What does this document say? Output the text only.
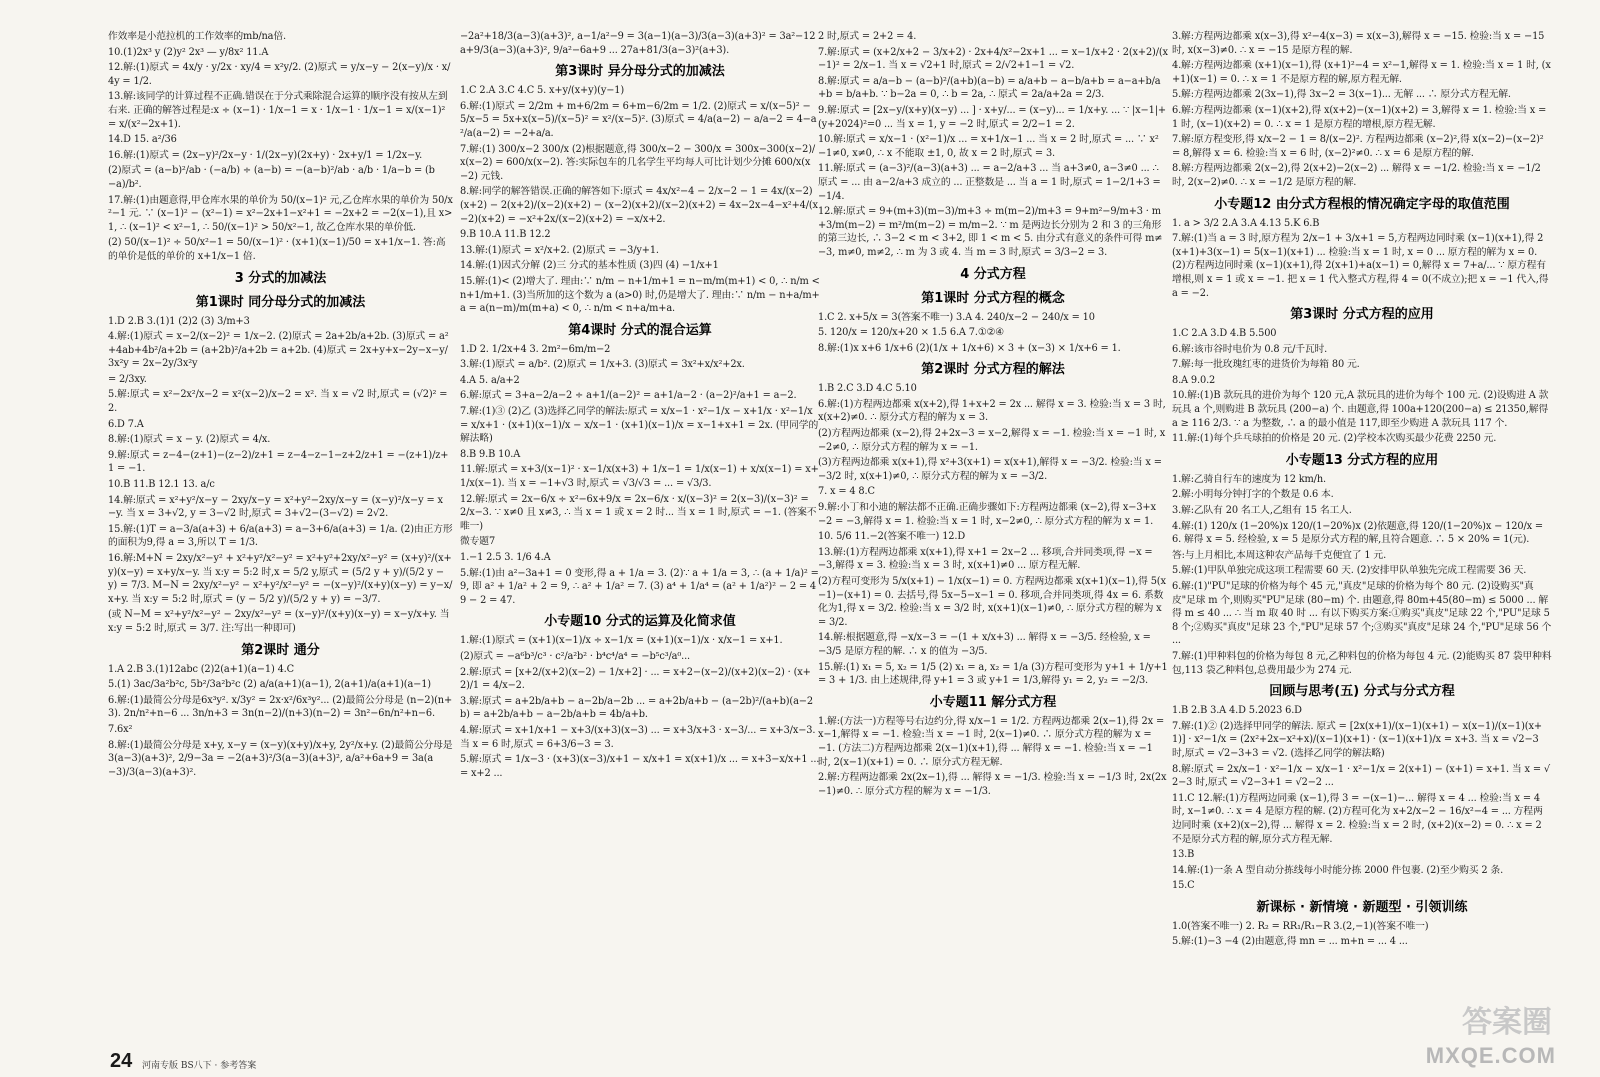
作效率是小范拉机的工作效率的mb/na倍.
10.(1)2x³ y (2)y² 2x³ — y/8x² 11.A
12.解:(1)原式 = 4x/y · y/2x · xy/4 = x²y/2. (2)原式 = y/x−y − 2(x−y)/x · x/4y = 1/2.
13.解:该同学的计算过程不正确.错误在于分式乘除混合运算的顺序没有按从左到右来. 正确的解答过程是:x ÷ (x−1) · 1/x−1 = x · 1/x−1 · 1/x−1 = x/(x−1)² = x/(x²−2x+1).
14.D 15. a²/36
16.解:(1)原式 = (2x−y)²/2x−y · 1/(2x−y)(2x+y) · 2x+y/1 = 1/2x−y.
(2)原式 = (a−b)²/ab · (−a/b) ÷ (a−b) = −(a−b)²/ab · a/b · 1/a−b = (b−a)/b².
17.解:(1)由题意得,甲仓库水果的单价为 50/(x−1)² 元,乙仓库水果的单价为 50/x²−1 元. ∵ (x−1)² − (x²−1) = x²−2x+1−x²+1 = −2x+2 = −2(x−1),且 x>1, ∴ (x−1)² < x²−1, ∴ 50/(x−1)² > 50/x²−1, 故乙仓库水果的单价低.
(2) 50/(x−1)² ÷ 50/x²−1 = 50/(x−1)² · (x+1)(x−1)/50 = x+1/x−1. 答:高的单价是低的单价的 x+1/x−1 倍.
3 分式的加减法
第1课时 同分母分式的加减法
1.D 2.B 3.(1)1 (2)2 (3) 3/m+3
4.解:(1)原式 = x−2/(x−2)² = 1/x−2. (2)原式 = 2a+2b/a+2b. (3)原式 = a²+4ab+4b²/a+2b = (a+2b)²/a+2b = a+2b. (4)原式 = 2x+y+x−2y−x−y/3x²y = 2x−2y/3x²y
= 2/3xy.
5.解:原式 = x²−2x²/x−2 = x²(x−2)/x−2 = x². 当 x = √2 时,原式 = (√2)² = 2.
6.D 7.A
8.解:(1)原式 = x − y. (2)原式 = 4/x.
9.解:原式 = z−4−(z+1)−(z−2)/z+1 = z−4−z−1−z+2/z+1 = −(z+1)/z+1 = −1.
10.B 11.B 12.1 13. a/c
14.解:原式 = x²+y²/x−y − 2xy/x−y = x²+y²−2xy/x−y = (x−y)²/x−y = x−y. 当 x = 3+√2, y = 3−√2 时,原式 = 3+√2−(3−√2) = 2√2.
15.解:(1)T = a−3/a(a+3) + 6/a(a+3) = a−3+6/a(a+3) = 1/a. (2)由正方形的面积为9,得 a = 3,所以 T = 1/3.
16.解:M+N = 2xy/x²−y² + x²+y²/x²−y² = x²+y²+2xy/x²−y² = (x+y)²/(x+y)(x−y) = x+y/x−y. 当 x:y = 5:2 时,x = 5/2 y,原式 = (5/2 y + y)/(5/2 y − y) = 7/3. M−N = 2xy/x²−y² − x²+y²/x²−y² = −(x−y)²/(x+y)(x−y) = y−x/x+y. 当 x:y = 5:2 时,原式 = (y − 5/2 y)/(5/2 y + y) = −3/7.
(或 N−M = x²+y²/x²−y² − 2xy/x²−y² = (x−y)²/(x+y)(x−y) = x−y/x+y. 当 x:y = 5:2 时,原式 = 3/7. 注:写出一种即可)
第2课时 通分
1.A 2.B 3.(1)12abc (2)2(a+1)(a−1) 4.C
5.(1) 3ac/3a²b²c, 5b²/3a²b²c (2) a/a(a+1)(a−1), 2(a+1)/a(a+1)(a−1)
6.解:(1)最简公分母是6x³y². x/3y² = 2x·x²/6x³y²... (2)最简公分母是 (n−2)(n+3). 2n/n²+n−6 ... 3n/n+3 = 3n(n−2)/(n+3)(n−2) = 3n²−6n/n²+n−6.
7.6x²
8.解:(1)最简公分母是 x+y, x−y = (x−y)(x+y)/x+y, 2y²/x+y. (2)最简公分母是 3(a−3)(a+3)², 2/9−3a = −2(a+3)²/3(a−3)(a+3)², a/a²+6a+9 = 3a(a−3)/3(a−3)(a+3)².
−2a²+18/3(a−3)(a+3)², a−1/a²−9 = 3(a−1)(a−3)/3(a−3)(a+3)² = 3a²−12a+9/3(a−3)(a+3)², 9/a²−6a+9 ... 27a+81/3(a−3)²(a+3).
第3课时 异分母分式的加减法
1.C 2.A 3.C 4.C 5. x+y/(x+y)(y−1)
6.解:(1)原式 = 2/2m + m+6/2m = 6+m−6/2m = 1/2. (2)原式 = x/(x−5)² − 5/x−5 = 5x+x(x−5)/(x−5)² = x²/(x−5)². (3)原式 = 4/a(a−2) − a/a−2 = 4−a²/a(a−2) = −2+a/a.
7.解:(1) 300/x−2 300/x (2)根据题意,得 300/x−2 − 300/x = 300x−300(x−2)/x(x−2) = 600/x(x−2). 答:实际包车的几名学生平均每人可比计划少分摊 600/x(x−2) 元钱.
8.解:同学的解答错误.正确的解答如下:原式 = 4x/x²−4 − 2/x−2 − 1 = 4x/(x−2)(x+2) − 2(x+2)/(x−2)(x+2) − (x−2)(x+2)/(x−2)(x+2) = 4x−2x−4−x²+4/(x−2)(x+2) = −x²+2x/(x−2)(x+2) = −x/x+2.
9.B 10.A 11.B 12.2
13.解:(1)原式 = x²/x+2. (2)原式 = −3/y+1.
14.解:(1)因式分解 (2)三 分式的基本性质 (3)四 (4) −1/x+1
15.解:(1)< (2)增大了. 理由:∵ n/m − n+1/m+1 = n−m/m(m+1) < 0, ∴ n/m < n+1/m+1. (3)当所加的这个数为 a (a>0) 时,仍是增大了. 理由:∵ n/m − n+a/m+a = a(n−m)/m(m+a) < 0, ∴ n/m < n+a/m+a.
第4课时 分式的混合运算
1.D 2. 1/2x+4 3. 2m²−6m/m−2
3.解:(1)原式 = a/b². (2)原式 = 1/x+3. (3)原式 = 3x²+x/x²+2x.
4.A 5. a/a+2
6.解:原式 = 3+a−2/a−2 ÷ a+1/(a−2)² = a+1/a−2 · (a−2)²/a+1 = a−2.
7.解:(1)③ (2)乙 (3)选择乙同学的解法:原式 = x/x−1 · x²−1/x − x+1/x · x²−1/x = x/x+1 · (x+1)(x−1)/x − x/x−1 · (x+1)(x−1)/x = x−1+x+1 = 2x. (甲同学的解法略)
8.B 9.B 10.A
11.解:原式 = x+3/(x−1)² · x−1/x(x+3) + 1/x−1 = 1/x(x−1) + x/x(x−1) = x+1/x(x−1). 当 x = −1+√3 时,原式 = √3/√3 = ... = √3/3.
12.解:原式 = 2x−6/x ÷ x²−6x+9/x = 2x−6/x · x/(x−3)² = 2(x−3)/(x−3)² = 2/x−3. ∵ x≠0 且 x≠3, ∴ 当 x = 1 或 x = 2 时... 当 x = 1 时,原式 = −1. (答案不唯一)
微专题7
1.−1 2.5 3. 1/6 4.A
5.解:(1)由 a²−3a+1 = 0 变形,得 a + 1/a = 3. (2)∵ a + 1/a = 3, ∴ (a + 1/a)² = 9, 即 a² + 1/a² + 2 = 9, ∴ a² + 1/a² = 7. (3) a⁴ + 1/a⁴ = (a² + 1/a²)² − 2 = 49 − 2 = 47.
小专题10 分式的运算及化简求值
1.解:(1)原式 = (x+1)(x−1)/x ÷ x−1/x = (x+1)(x−1)/x · x/x−1 = x+1.
(2)原式 = −a⁶b³/c³ · c²/a²b² · b⁴c⁴/a⁴ = −b⁵c³/a⁰...
2.解:原式 = [x+2/(x+2)(x−2) − 1/x+2] · ... = x+2−(x−2)/(x+2)(x−2) · (x+2)/1 = 4/x−2.
3.解:原式 = a+2b/a+b − a−2b/a−2b ... = a+2b/a+b − (a−2b)²/(a+b)(a−2b) = a+2b/a+b − a−2b/a+b = 4b/a+b.
4.解:原式 = x+1/x+1 − x+3/(x+3)(x−3) ... = x+3/x+3 · x−3/... = x+3/x−3. 当 x = 6 时,原式 = 6+3/6−3 = 3.
5.解:原式 = 1/x−3 · (x+3)(x−3)/x+1 − x/x+1 = x(x+1)/x ... = x+3−x/x+1 ... = x+2 ...
2 时,原式 = 2+2 = 4.
7.解:原式 = (x+2/x+2 − 3/x+2) · 2x+4/x²−2x+1 ... = x−1/x+2 · 2(x+2)/(x−1)² = 2/x−1. 当 x = √2+1 时,原式 = 2/√2+1−1 = √2.
8.解:原式 = a/a−b − (a−b)²/(a+b)(a−b) = a/a+b − a−b/a+b = a−a+b/a+b = b/a+b. ∵ b−2a = 0, ∴ b = 2a, ∴ 原式 = 2a/a+2a = 2/3.
9.解:原式 = [2x−y/(x+y)(x−y) ... ] · x+y/... = (x−y)... = 1/x+y. ... ∵ |x−1|+(y+2024)²=0 ... 当 x = 1, y = −2 时,原式 = 2/2−1 = 2.
10.解:原式 = x/x−1 · (x²−1)/x ... = x+1/x−1 ... 当 x = 2 时,原式 = ... ∵ x²−1≠0, x≠0, ∴ x 不能取 ±1, 0, 故 x = 2 时,原式 = 3.
11.解:原式 = (a−3)²/(a−3)(a+3) ... = a−2/a+3 ... 当 a+3≠0, a−3≠0 ... ∴ 原式 = ... 由 a−2/a+3 成立的 ... 正整数是 ... 当 a = 1 时,原式 = 1−2/1+3 = −1/4.
12.解:原式 = 9+(m+3)(m−3)/m+3 ÷ m(m−2)/m+3 = 9+m²−9/m+3 · m+3/m(m−2) = m²/m(m−2) = m/m−2. ∵ m 是两边长分别为 2 和 3 的三角形的第三边长, ∴ 3−2 < m < 3+2, 即 1 < m < 5. 由分式有意义的条件可得 m≠−3, m≠0, m≠2, ∴ m 为 3 或 4. 当 m = 3 时,原式 = 3/3−2 = 3.
4 分式方程
第1课时 分式方程的概念
1.C 2. x+5/x = 3(答案不唯一) 3.A 4. 240/x−2 − 240/x = 10
5. 120/x = 120/x+20 × 1.5 6.A 7.①②④
8.解:(1)x x+6 1/x+6 (2)(1/x + 1/x+6) × 3 + (x−3) × 1/x+6 = 1.
第2课时 分式方程的解法
1.B 2.C 3.D 4.C 5.10
6.解:(1)方程两边都乘 x(x+2),得 1+x+2 = 2x ... 解得 x = 3. 检验:当 x = 3 时, x(x+2)≠0. ∴ 原分式方程的解为 x = 3.
(2)方程两边都乘 (x−2),得 2+2x−3 = x−2,解得 x = −1. 检验:当 x = −1 时, x−2≠0, ∴ 原分式方程的解为 x = −1.
(3)方程两边都乘 x(x+1),得 x²+3(x+1) = x(x+1),解得 x = −3/2. 检验:当 x = −3/2 时, x(x+1)≠0, ∴ 原分式方程的解为 x = −3/2.
7. x = 4 8.C
9.解:小丁和小迪的解法都不正确.正确步骤如下:方程两边都乘 (x−2),得 x−3+x−2 = −3,解得 x = 1. 检验:当 x = 1 时, x−2≠0, ∴ 原分式方程的解为 x = 1.
10. 5/6 11.−2(答案不唯一) 12.D
13.解:(1)方程两边都乘 x(x+1),得 x+1 = 2x−2 ... 移项,合并同类项,得 −x = −3,解得 x = 3. 检验:当 x = 3 时, x(x+1)≠0 ... 原方程无解.
(2)方程可变形为 5/x(x+1) − 1/x(x−1) = 0. 方程两边都乘 x(x+1)(x−1),得 5(x−1)−(x+1) = 0. 去括号,得 5x−5−x−1 = 0. 移项,合并同类项,得 4x = 6. 系数化为1,得 x = 3/2. 检验:当 x = 3/2 时, x(x+1)(x−1)≠0, ∴ 原分式方程的解为 x = 3/2.
14.解:根据题意,得 −x/x−3 = −(1 + x/x+3) ... 解得 x = −3/5. 经检验, x = −3/5 是原方程的解. ∴ x 的值为 −3/5.
15.解:(1) x₁ = 5, x₂ = 1/5 (2) x₁ = a, x₂ = 1/a (3)方程可变形为 y+1 + 1/y+1 = 3 + 1/3. 由上述规律,得 y+1 = 3 或 y+1 = 1/3,解得 y₁ = 2, y₂ = −2/3.
小专题11 解分式方程
1.解:(方法一)方程等号右边约分,得 x/x−1 = 1/2. 方程两边都乘 2(x−1),得 2x = x−1,解得 x = −1. 检验:当 x = −1 时, 2(x−1)≠0. ∴ 原分式方程的解为 x = −1. (方法二)方程两边都乘 2(x−1)(x+1),得 ... 解得 x = −1. 检验:当 x = −1 时, 2(x−1)(x+1) = 0. ∴ 原分式方程无解.
2.解:方程两边都乘 2x(2x−1),得 ... 解得 x = −1/3. 检验:当 x = −1/3 时, 2x(2x−1)≠0. ∴ 原分式方程的解为 x = −1/3.
3.解:方程两边都乘 x(x−3),得 x²−4(x−3) = x(x−3),解得 x = −15. 检验:当 x = −15 时, x(x−3)≠0. ∴ x = −15 是原方程的解.
4.解:方程两边都乘 (x+1)(x−1),得 (x+1)²−4 = x²−1,解得 x = 1. 检验:当 x = 1 时, (x+1)(x−1) = 0. ∴ x = 1 不是原方程的解,原方程无解.
5.解:方程两边都乘 2(3x−1),得 3x−2 = 3(x−1)... 无解 ... ∴ 原分式方程无解.
6.解:方程两边都乘 (x−1)(x+2),得 x(x+2)−(x−1)(x+2) = 3,解得 x = 1. 检验:当 x = 1 时, (x−1)(x+2) = 0. ∴ x = 1 是原方程的增根,原方程无解.
7.解:原方程变形,得 x/x−2 − 1 = 8/(x−2)². 方程两边都乘 (x−2)²,得 x(x−2)−(x−2)² = 8,解得 x = 6. 检验:当 x = 6 时, (x−2)²≠0. ∴ x = 6 是原方程的解.
8.解:方程两边都乘 2(x−2),得 2(x+2)−2(x−2) ... 解得 x = −1/2. 检验:当 x = −1/2 时, 2(x−2)≠0. ∴ x = −1/2 是原方程的解.
小专题12 由分式方程根的情况确定字母的取值范围
1. a > 3/2 2.A 3.A 4.13 5.K 6.B
7.解:(1)当 a = 3 时,原方程为 2/x−1 + 3/x+1 = 5,方程两边同时乘 (x−1)(x+1),得 2(x+1)+3(x−1) = 5(x−1)(x+1) ... 检验:当 x = 1 时, x = 0 ... 原方程的解为 x = 0. (2)方程两边同时乘 (x−1)(x+1),得 2(x+1)+a(x−1) = 0,解得 x = 7+a/... ∵ 原方程有增根,则 x = 1 或 x = −1. 把 x = 1 代入整式方程,得 4 = 0(不成立);把 x = −1 代入,得 a = −2.
第3课时 分式方程的应用
1.C 2.A 3.D 4.B 5.500
6.解:该市谷时电价为 0.8 元/千瓦时.
7.解:每一批玫瑰红枣的进货价为每箱 80 元.
8.A 9.0.2
10.解:(1)B 款玩具的进价为每个 120 元,A 款玩具的进价为每个 100 元. (2)设购进 A 款玩具 a 个,则购进 B 款玩具 (200−a) 个. 由题意,得 100a+120(200−a) ≤ 21350,解得 a ≥ 116 2/3. ∵ a 为整数, ∴ a 的最小值是 117,即至少购进 A 款玩具 117 个.
11.解:(1)每个乒乓球拍的价格是 20 元. (2)学校本次购买最少花费 2250 元.
小专题13 分式方程的应用
1.解:乙骑自行车的速度为 12 km/h.
2.解:小明每分钟打字的个数是 0.6 本.
3.解:乙队有 20 名工人,乙组有 15 名工人.
4.解:(1) 120/x (1−20%)x 120/(1−20%)x (2)依题意,得 120/(1−20%)x − 120/x = 6. 解得 x = 5. 经检验, x = 5 是原分式方程的解,且符合题意. ∴ 5 × 20% = 1(元).
答:与上月相比,本周这种农产品每千克便宜了 1 元.
5.解:(1)甲队单独完成这项工程需要 60 天. (2)安排甲队单独先完成工程需要 36 天.
6.解:(1)"PU"足球的价格为每个 45 元,"真皮"足球的价格为每个 80 元. (2)设购买"真皮"足球 m 个,则购买"PU"足球 (80−m) 个. 由题意,得 80m+45(80−m) ≤ 5000 ... 解得 m ≤ 40 ... ∴ 当 m 取 40 时 ... 有以下购买方案:①购买"真皮"足球 22 个,"PU"足球 58 个;②购买"真皮"足球 23 个,"PU"足球 57 个;③购买"真皮"足球 24 个,"PU"足球 56 个 ...
7.解:(1)甲种料包的价格为每包 8 元,乙种料包的价格为每包 4 元. (2)能购买 87 袋甲种料包,113 袋乙种料包,总费用最少为 274 元.
回顾与思考(五) 分式与分式方程
1.B 2.B 3.A 4.D 5.2023 6.D
7.解:(1)② (2)选择甲同学的解法. 原式 = [2x(x+1)/(x−1)(x+1) − x(x−1)/(x−1)(x+1)] · x²−1/x = (2x²+2x−x²+x)/(x−1)(x+1) · (x−1)(x+1)/x = x+3. 当 x = √2−3 时,原式 = √2−3+3 = √2. (选择乙同学的解法略)
8.解:原式 = 2x/x−1 · x²−1/x − x/x−1 · x²−1/x = 2(x+1) − (x+1) = x+1. 当 x = √2−3 时,原式 = √2−3+1 = √2−2 ...
11.C 12.解:(1)方程两边同乘 (x−1),得 3 = −(x−1)−... 解得 x = 4 ... 检验:当 x = 4 时, x−1≠0. ∴ x = 4 是原方程的解. (2)方程可化为 x+2/x−2 − 16/x²−4 = ... 方程两边同时乘 (x+2)(x−2),得 ... 解得 x = 2. 检验:当 x = 2 时, (x+2)(x−2) = 0. ∴ x = 2 不是原分式方程的解,原分式方程无解.
13.B
14.解:(1)一条 A 型自动分拣线每小时能分拣 2000 件包裹. (2)至少购买 2 条.
15.C
新课标 · 新情境 · 新题型 · 引领训练
1.0(答案不唯一) 2. R₂ = RR₁/R₁−R 3.(2,−1)(答案不唯一)
5.解:(1)−3 −4 (2)由题意,得 mn = ... m+n = ... 4 ...
24 河南专版 BS八下 · 参考答案
答案圈
MXQE.COM
